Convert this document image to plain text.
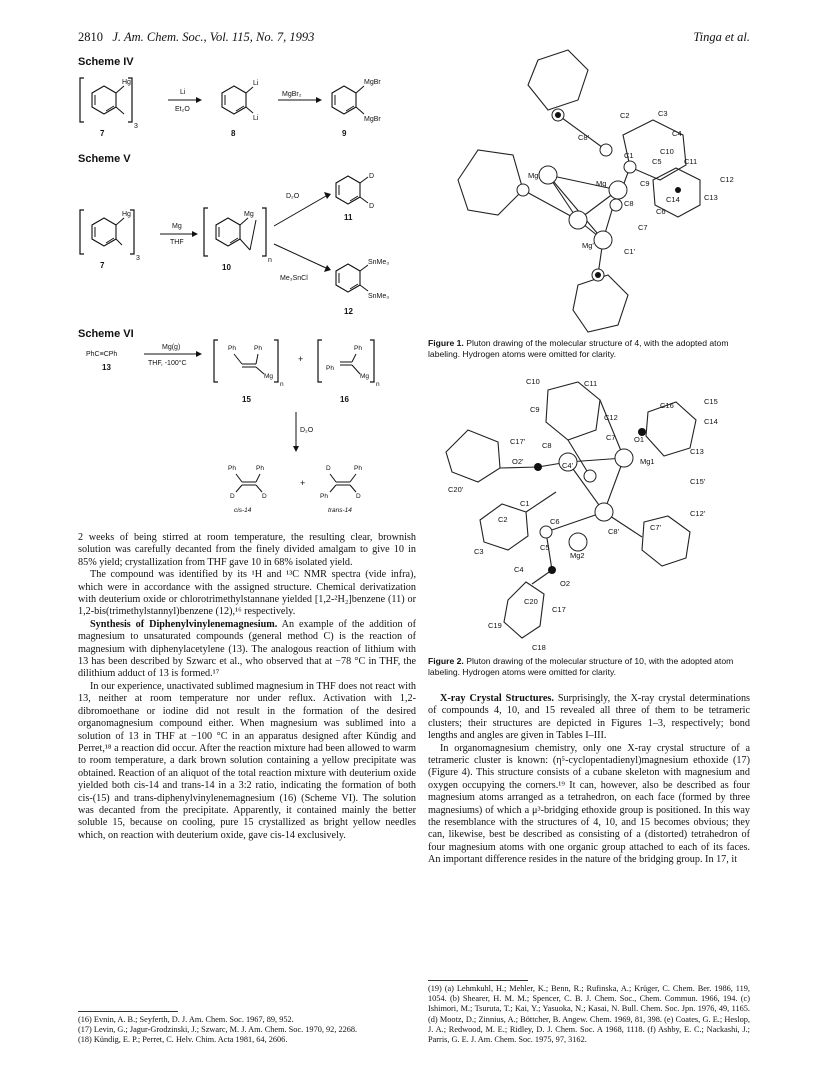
2810 J. Am. Chem. Soc., Vol. 115, No. 7, 1993	Tinga et al.
Scheme IV
Hg
3
7
Li
Et₂O
Li
Li
8
MgBr₂
MgBr
MgBr
9
Scheme V
Hg
3
7
Mg
THF
Mg
n
10
D₂O
Me₃SnCl
D
D
11
SnMe₃
SnMe₃
12
Scheme VI
PhC≡CPh
13
Mg(g)
THF, -100°C
Ph	Ph
Mg
n
15
+
Ph
Ph
Mg
n
16
D₂O
Ph	Ph
D	D
cis-14
+
D	Ph
Ph	D
trans-14

2 weeks of being stirred at room temperature, the resulting clear, brownish solution was carefully decanted from the finely divided amalgam to give 10 in 85% yield; crystallization from THF gave 10 in 68% isolated yield.

The compound was identified by its ¹H and ¹³C NMR spectra (vide infra), which were in accordance with the assigned structure. Chemical derivatization with deuterium oxide or chlorotrimethylstannane yielded [1,2-²H₂]benzene (11) or 1,2-bis(trimethylstannyl)benzene (12),¹⁶ respectively.

Synthesis of Diphenylvinylenemagnesium. An example of the addition of magnesium to unsaturated compounds (general method C) is the reaction of magnesium with diphenylacetylene (13). The analogous reaction of lithium with 13 has been described by Szwarc et al., who observed that at −78 °C in THF, the dilithium adduct of 13 is formed.¹⁷

In our experience, unactivated sublimed magnesium in THF does not react with 13, neither at room temperature nor under reflux. Activation with 1,2-dibromoethane or iodine did not result in the formation of the desired organomagnesium compound either. When magnesium was sublimed into a solution of 13 in THF at −100 °C in an apparatus designed after Kündig and Perret,¹⁸ a reaction did occur. After the reaction mixture had been allowed to warm to room temperature, a dark brown solution containing a yellow precipitate was obtained. Reaction of an aliquot of the total reaction mixture with deuterium oxide yielded both cis-14 and trans-14 in a 3:2 ratio, indicating the formation of both cis-(15) and trans-diphenylvinylenemagnesium (16) (Scheme VI). The solution was decanted from the precipitate. Apparently, it contained mainly the better soluble 15, because on cooling, pure 15 crystallized as bright yellow needles which, on reaction with deuterium oxide, gave cis-14 exclusively.

(16) Evnin, A. B.; Seyferth, D. J. Am. Chem. Soc. 1967, 89, 952.

(17) Levin, G.; Jagur-Grodzinski, J.; Szwarc, M. J. Am. Chem. Soc. 1970, 92, 2268.

(18) Kündig, E. P.; Perret, C. Helv. Chim. Acta 1981, 64, 2606.

C8'
C2	C3
C4
C1	C10
C11
C5
C12
C9
C14	C13
Mg
Mg'
C8
C6
Mg'
C7
C1'
Figure 1. Pluton drawing of the molecular structure of 4, with the adopted atom labeling. Hydrogen atoms were omitted for clarity.
C10	C11
C9
C12
C16	C15
C14
C17' C8
C7 O1
O2'	C4'	Mg1
C13
C20'
C15'
C1
C2	C6
C12'
C8'	C7'
C3	C5
Mg2
C4
O2
C20
C17
C19
C18
Figure 2. Pluton drawing of the molecular structure of 10, with the adopted atom labeling. Hydrogen atoms were omitted for clarity.

X-ray Crystal Structures. Surprisingly, the X-ray crystal determinations of compounds 4, 10, and 15 revealed all three of them to be tetrameric clusters; their structures are depicted in Figures 1–3, respectively; bond lengths and angles are given in Tables I–III.

In organomagnesium chemistry, only one X-ray crystal structure of a tetrameric cluster is known: (η⁵-cyclopentadienyl)magnesium ethoxide (17) (Figure 4). This structure consists of a cubane skeleton with magnesium and oxygen occupying the corners.¹⁹ It can, however, also be described as four magnesium atoms arranged as a tetrahedron, on each face (formed by three magnesiums) of which a μ³-bridging ethoxide group is positioned. In this way the resemblance with the structures of 4, 10, and 15 becomes obvious; they can, likewise, best be described as consisting of a (distorted) tetrahedron of four magnesium atoms with one organic group attached to each of its faces. An important difference resides in the nature of the bridging group. In 17, it

(19) (a) Lehmkuhl, H.; Mehler, K.; Benn, R.; Rufinska, A.; Krüger, C. Chem. Ber. 1986, 119, 1054. (b) Shearer, H. M. M.; Spencer, C. B. J. Chem. Soc., Chem. Commun. 1966, 194. (c) Ishimori, M.; Tsuruta, T.; Kai, Y.; Yasuoka, N.; Kasai, N. Bull. Chem. Soc. Jpn. 1976, 49, 1165. (d) Mootz, D.; Zinnius, A.; Böttcher, B. Angew. Chem. 1969, 81, 398. (e) Coates, G. E.; Heslop, J. A.; Redwood, M. E.; Ridley, D. J. Chem. Soc. A 1968, 1118. (f) Ashby, E. C.; Nackashi, J.; Parris, G. E. J. Am. Chem. Soc. 1975, 97, 3162.
